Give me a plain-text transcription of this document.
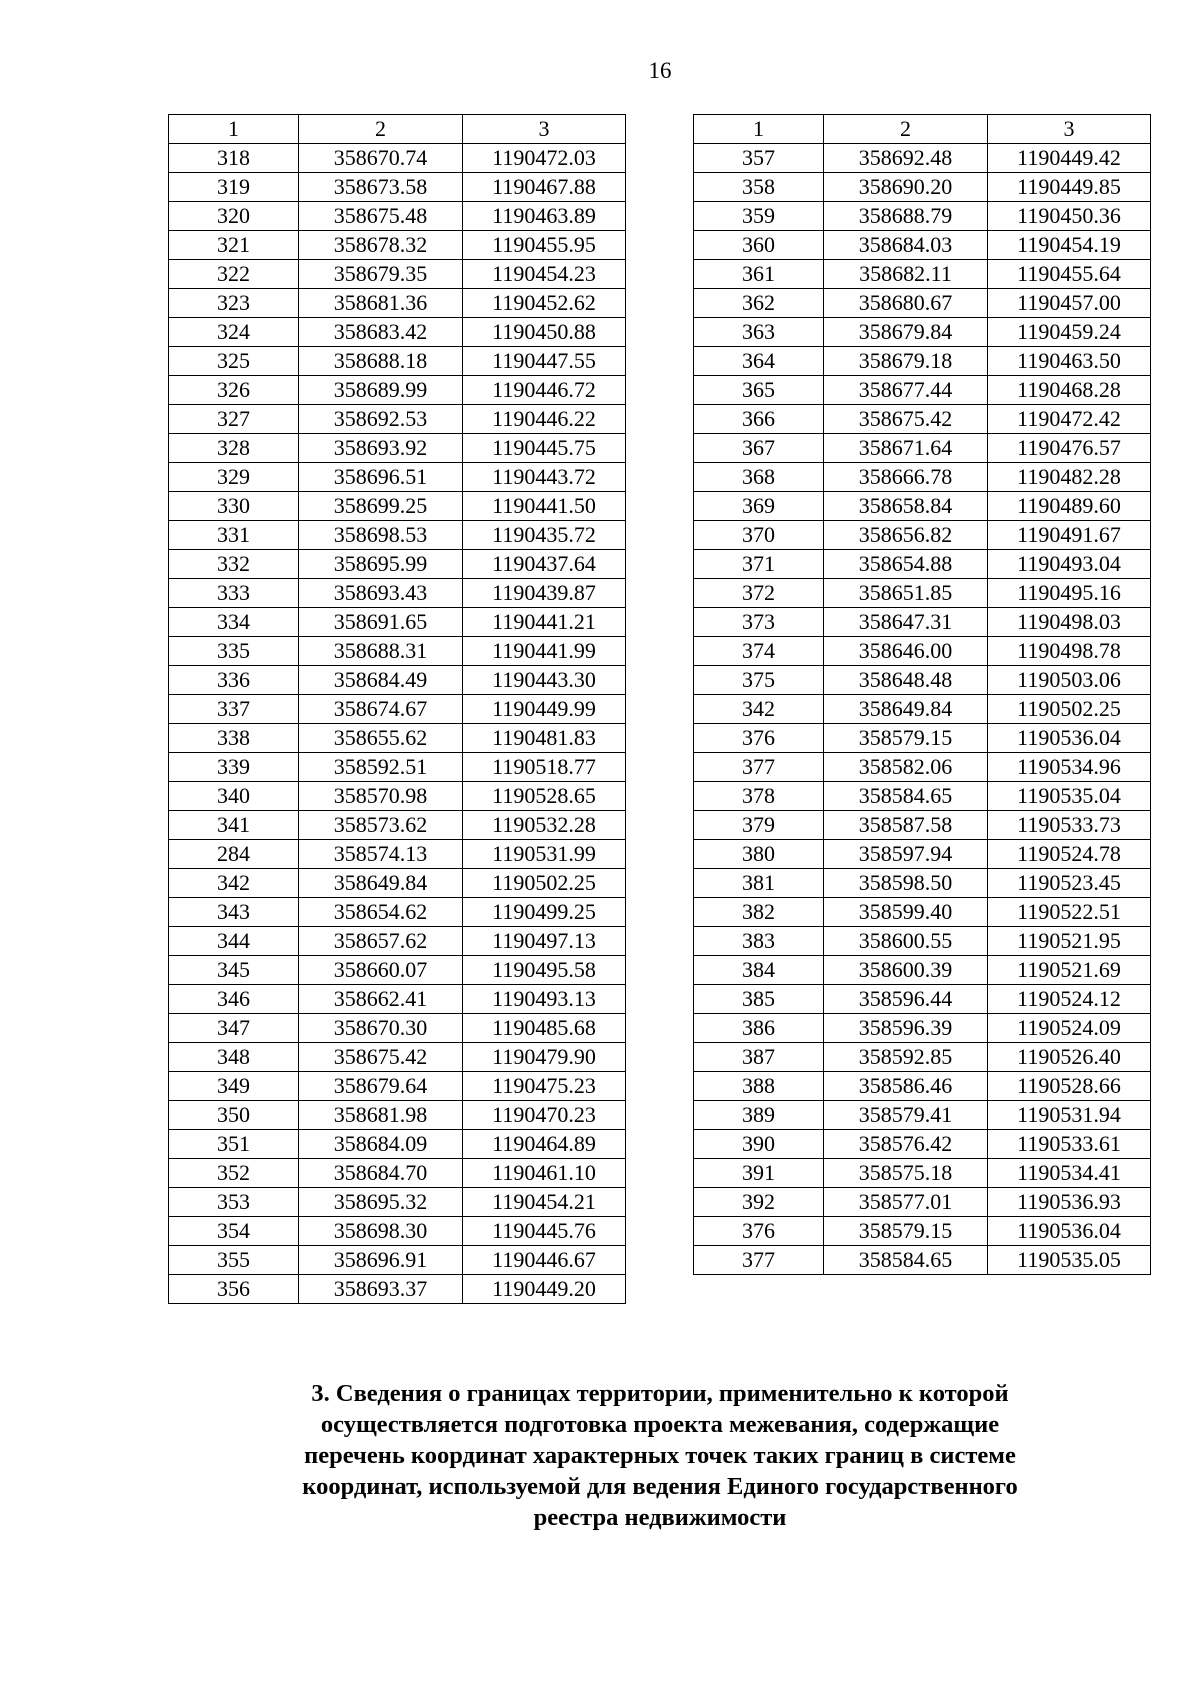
16
1	2	3
318	358670.74	1190472.03
319	358673.58	1190467.88
320	358675.48	1190463.89
321	358678.32	1190455.95
322	358679.35	1190454.23
323	358681.36	1190452.62
324	358683.42	1190450.88
325	358688.18	1190447.55
326	358689.99	1190446.72
327	358692.53	1190446.22
328	358693.92	1190445.75
329	358696.51	1190443.72
330	358699.25	1190441.50
331	358698.53	1190435.72
332	358695.99	1190437.64
333	358693.43	1190439.87
334	358691.65	1190441.21
335	358688.31	1190441.99
336	358684.49	1190443.30
337	358674.67	1190449.99
338	358655.62	1190481.83
339	358592.51	1190518.77
340	358570.98	1190528.65
341	358573.62	1190532.28
284	358574.13	1190531.99
342	358649.84	1190502.25
343	358654.62	1190499.25
344	358657.62	1190497.13
345	358660.07	1190495.58
346	358662.41	1190493.13
347	358670.30	1190485.68
348	358675.42	1190479.90
349	358679.64	1190475.23
350	358681.98	1190470.23
351	358684.09	1190464.89
352	358684.70	1190461.10
353	358695.32	1190454.21
354	358698.30	1190445.76
355	358696.91	1190446.67
356	358693.37	1190449.20
1	2	3
357	358692.48	1190449.42
358	358690.20	1190449.85
359	358688.79	1190450.36
360	358684.03	1190454.19
361	358682.11	1190455.64
362	358680.67	1190457.00
363	358679.84	1190459.24
364	358679.18	1190463.50
365	358677.44	1190468.28
366	358675.42	1190472.42
367	358671.64	1190476.57
368	358666.78	1190482.28
369	358658.84	1190489.60
370	358656.82	1190491.67
371	358654.88	1190493.04
372	358651.85	1190495.16
373	358647.31	1190498.03
374	358646.00	1190498.78
375	358648.48	1190503.06
342	358649.84	1190502.25
376	358579.15	1190536.04
377	358582.06	1190534.96
378	358584.65	1190535.04
379	358587.58	1190533.73
380	358597.94	1190524.78
381	358598.50	1190523.45
382	358599.40	1190522.51
383	358600.55	1190521.95
384	358600.39	1190521.69
385	358596.44	1190524.12
386	358596.39	1190524.09
387	358592.85	1190526.40
388	358586.46	1190528.66
389	358579.41	1190531.94
390	358576.42	1190533.61
391	358575.18	1190534.41
392	358577.01	1190536.93
376	358579.15	1190536.04
377	358584.65	1190535.05
3. Сведения о границах территории, применительно к которой
осуществляется подготовка проекта межевания, содержащие
перечень координат характерных точек таких границ в системе
координат, используемой для ведения Единого государственного
реестра недвижимости
